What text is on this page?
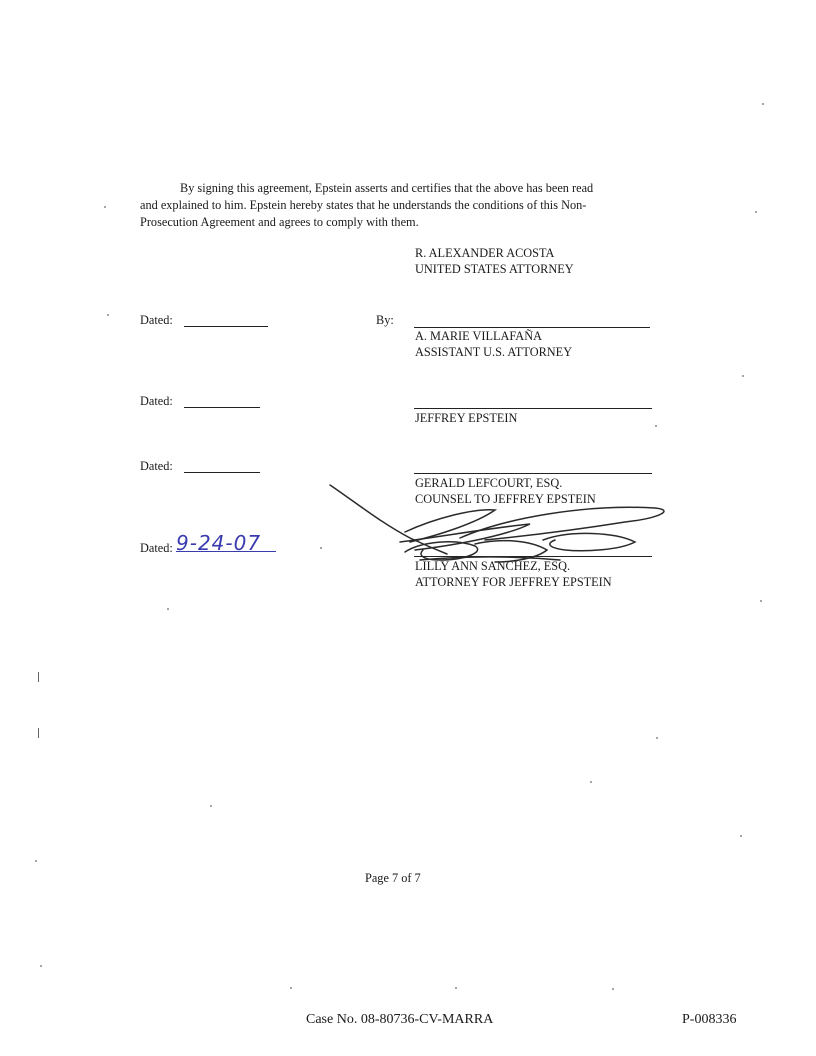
By signing this agreement, Epstein asserts and certifies that the above has been read
and explained to him. Epstein hereby states that he understands the conditions of this Non-
Prosecution Agreement and agrees to comply with them.
R. ALEXANDER ACOSTA
UNITED STATES ATTORNEY
Dated:	By:
A. MARIE VILLAFAÑA
ASSISTANT U.S. ATTORNEY
Dated:
JEFFREY EPSTEIN
Dated:
GERALD LEFCOURT, ESQ.
COUNSEL TO JEFFREY EPSTEIN
Dated: 9-24-07
LILLY ANN SANCHEZ, ESQ.
ATTORNEY FOR JEFFREY EPSTEIN
Page 7 of 7
Case No. 08-80736-CV-MARRA	P-008336
